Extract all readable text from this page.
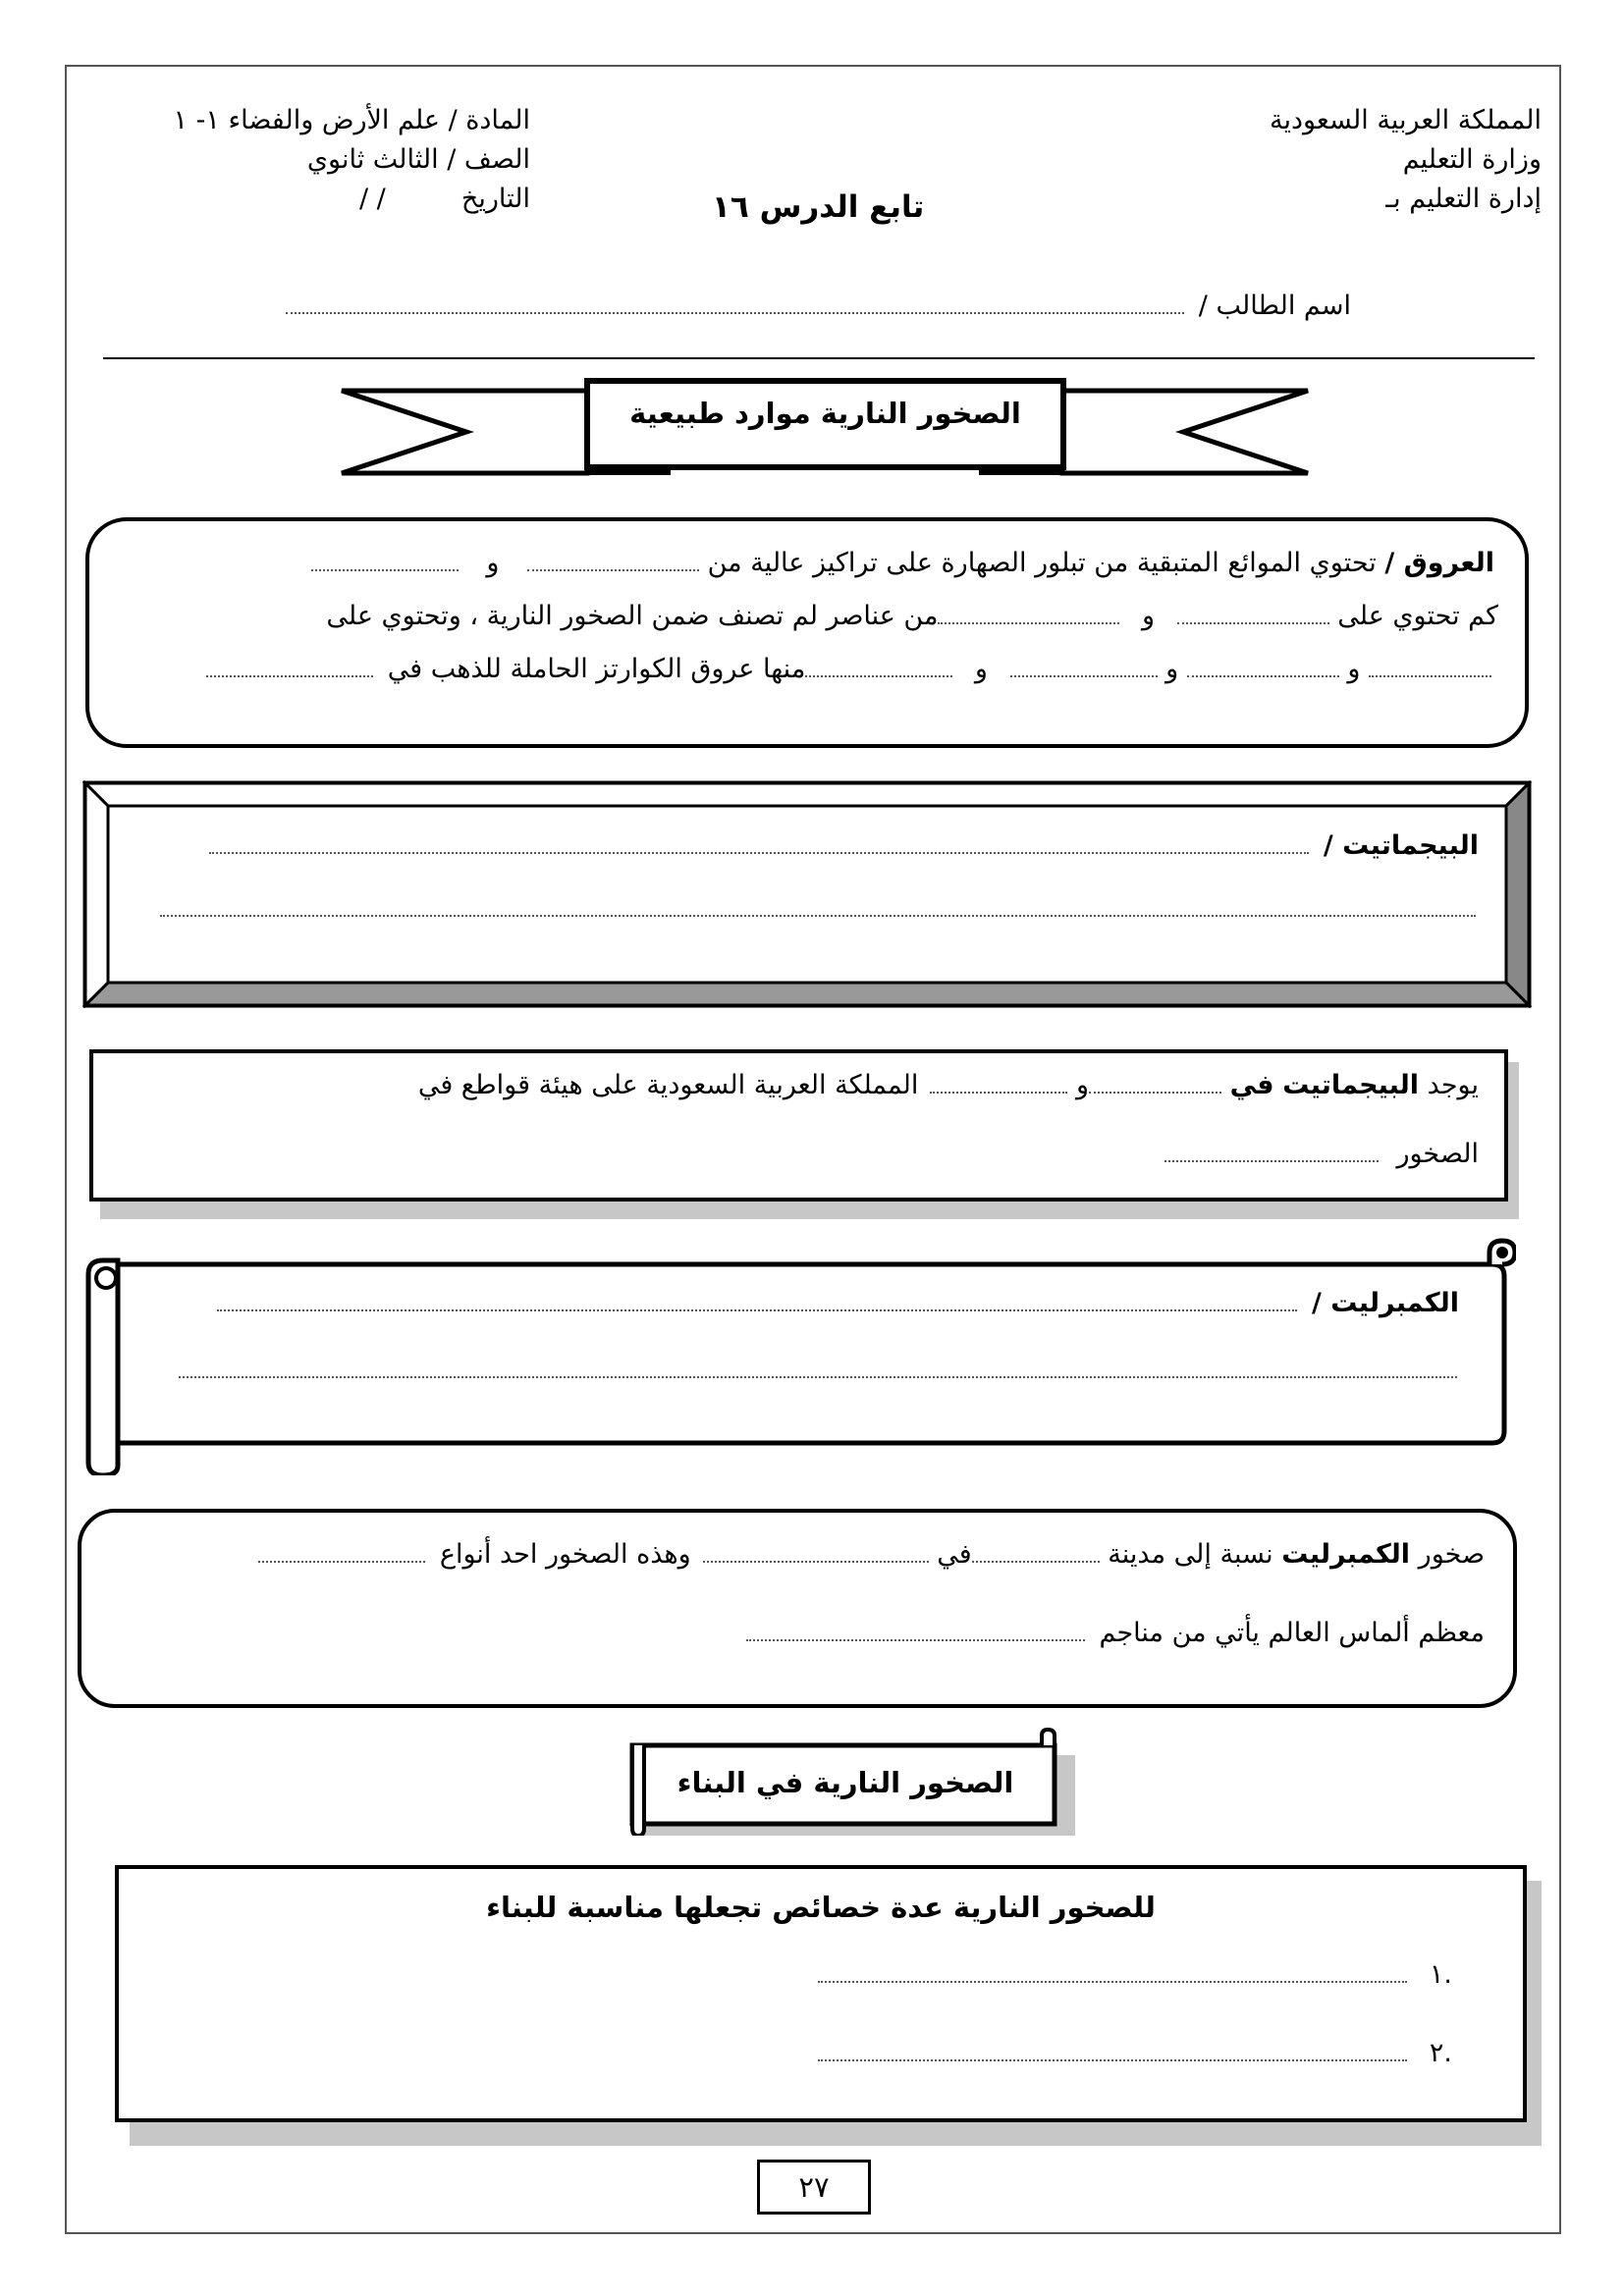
المملكة العربية السعودية

وزارة التعليم

إدارة التعليم بـ

المادة / علم الأرض والفضاء ١- ١

الصف / الثالث ثانوي

التاريخ  / /	تابع الدرس ١٦
اسم الطالب /
الصخور النارية موارد طبيعية
العروق / تحتوي الموائع المتبقية من تبلور الصهارة على تراكيز عالية من  و
كم تحتوي على  و من عناصر لم تصنف ضمن الصخور النارية ، وتحتوي على
و  و  و منها عروق الكوارتز الحاملة للذهب في
البيجماتيت /
يوجد البيجماتيت في و المملكة العربية السعودية على هيئة قواطع في
الصخور
الكمبرليت /
صخور الكمبرليت نسبة إلى مدينة في وهذه الصخور احد أنواع
معظم ألماس العالم يأتي من مناجم
الصخور النارية في البناء
للصخور النارية عدة خصائص تجعلها مناسبة للبناء
.١
.٢
٢٧
